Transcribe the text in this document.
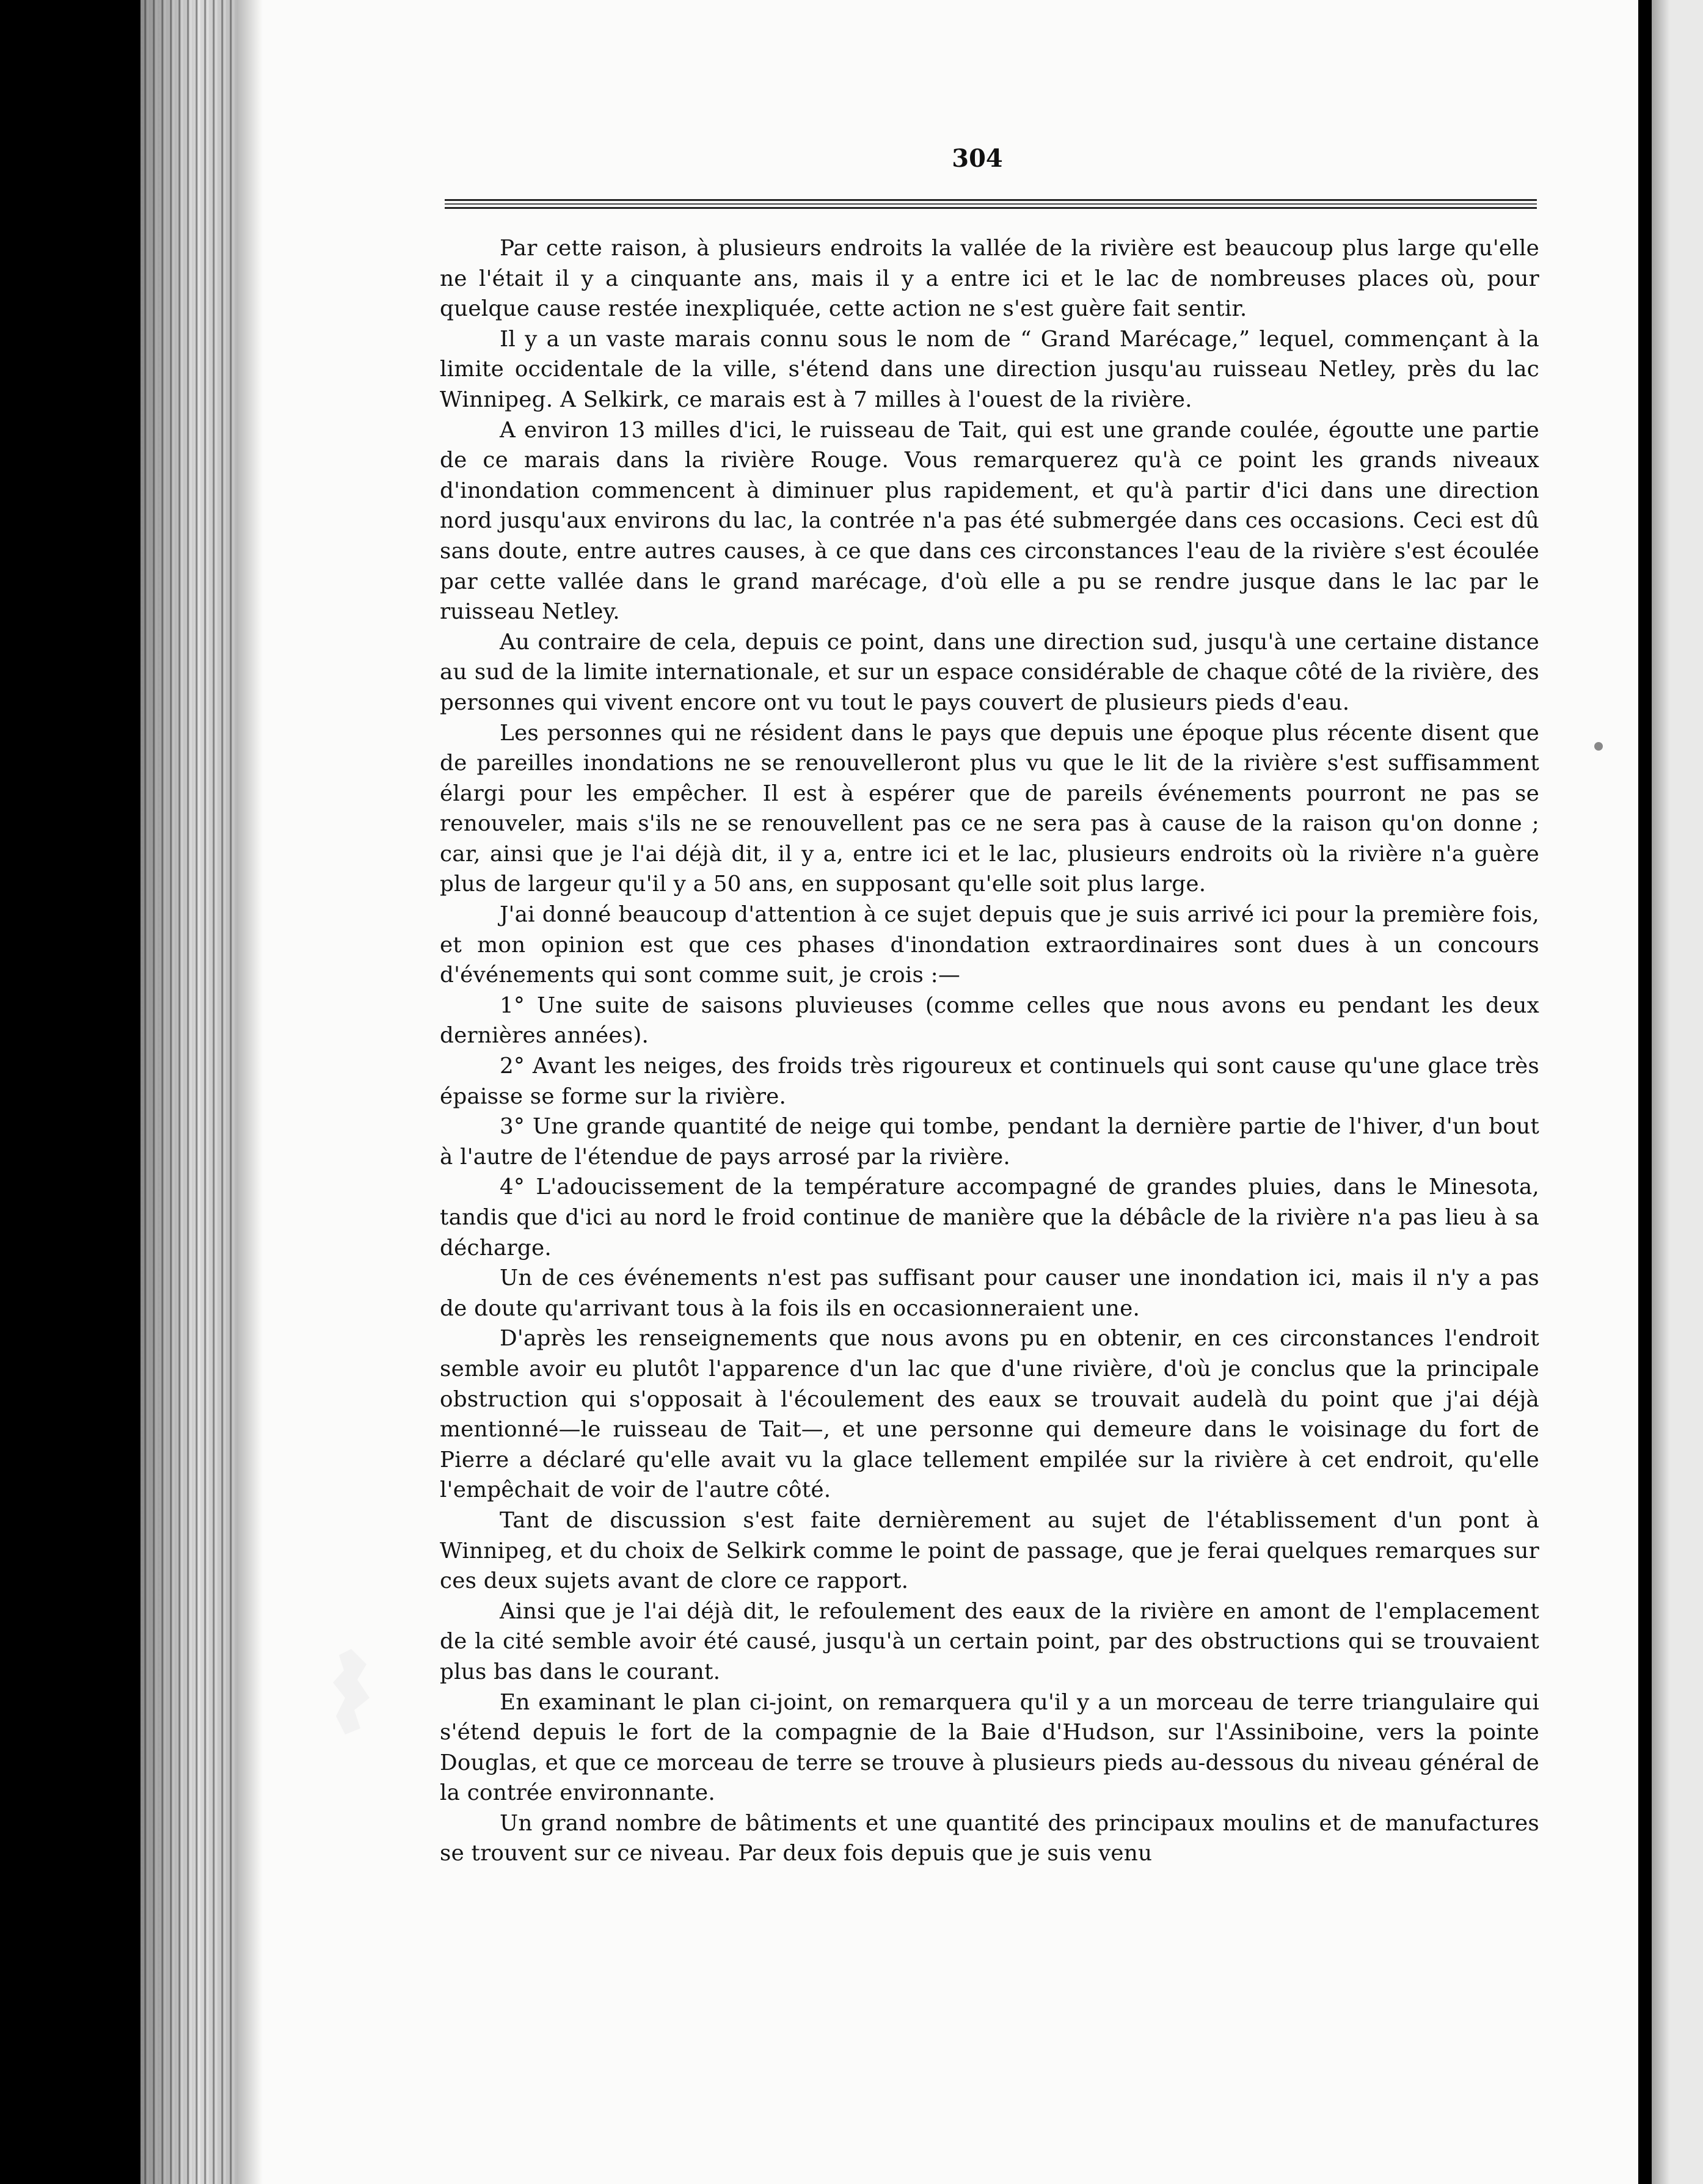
304

Par cette raison, à plusieurs endroits la vallée de la rivière est beaucoup plus large qu'elle ne l'était il y a cinquante ans, mais il y a entre ici et le lac de nombreuses places où, pour quelque cause restée inexpliquée, cette action ne s'est guère fait sentir.

Il y a un vaste marais connu sous le nom de “ Grand Marécage,” lequel, commençant à la limite occidentale de la ville, s'étend dans une direction jusqu'au ruisseau Netley, près du lac Winnipeg. A Selkirk, ce marais est à 7 milles à l'ouest de la rivière.

A environ 13 milles d'ici, le ruisseau de Tait, qui est une grande coulée, égoutte une partie de ce marais dans la rivière Rouge. Vous remarquerez qu'à ce point les grands niveaux d'inondation commencent à diminuer plus rapidement, et qu'à partir d'ici dans une direction nord jusqu'aux environs du lac, la contrée n'a pas été submergée dans ces occasions. Ceci est dû sans doute, entre autres causes, à ce que dans ces circonstances l'eau de la rivière s'est écoulée par cette vallée dans le grand marécage, d'où elle a pu se rendre jusque dans le lac par le ruisseau Netley.

Au contraire de cela, depuis ce point, dans une direction sud, jusqu'à une certaine distance au sud de la limite internationale, et sur un espace considérable de chaque côté de la rivière, des personnes qui vivent encore ont vu tout le pays couvert de plusieurs pieds d'eau.

Les personnes qui ne résident dans le pays que depuis une époque plus récente disent que de pareilles inondations ne se renouvelleront plus vu que le lit de la rivière s'est suffisamment élargi pour les empêcher. Il est à espérer que de pareils événements pourront ne pas se renouveler, mais s'ils ne se renouvellent pas ce ne sera pas à cause de la raison qu'on donne ; car, ainsi que je l'ai déjà dit, il y a, entre ici et le lac, plusieurs endroits où la rivière n'a guère plus de largeur qu'il y a 50 ans, en supposant qu'elle soit plus large.

J'ai donné beaucoup d'attention à ce sujet depuis que je suis arrivé ici pour la première fois, et mon opinion est que ces phases d'inondation extraordinaires sont dues à un concours d'événements qui sont comme suit, je crois :—

1° Une suite de saisons pluvieuses (comme celles que nous avons eu pendant les deux dernières années).

2° Avant les neiges, des froids très rigoureux et continuels qui sont cause qu'une glace très épaisse se forme sur la rivière.

3° Une grande quantité de neige qui tombe, pendant la dernière partie de l'hiver, d'un bout à l'autre de l'étendue de pays arrosé par la rivière.

4° L'adoucissement de la température accompagné de grandes pluies, dans le Minesota, tandis que d'ici au nord le froid continue de manière que la débâcle de la rivière n'a pas lieu à sa décharge.

Un de ces événements n'est pas suffisant pour causer une inondation ici, mais il n'y a pas de doute qu'arrivant tous à la fois ils en occasionneraient une.

D'après les renseignements que nous avons pu en obtenir, en ces circonstances l'endroit semble avoir eu plutôt l'apparence d'un lac que d'une rivière, d'où je conclus que la principale obstruction qui s'opposait à l'écoulement des eaux se trouvait audelà du point que j'ai déjà mentionné—le ruisseau de Tait—, et une personne qui demeure dans le voisinage du fort de Pierre a déclaré qu'elle avait vu la glace tellement empilée sur la rivière à cet endroit, qu'elle l'empêchait de voir de l'autre côté.

Tant de discussion s'est faite dernièrement au sujet de l'établissement d'un pont à Winnipeg, et du choix de Selkirk comme le point de passage, que je ferai quelques remarques sur ces deux sujets avant de clore ce rapport.

Ainsi que je l'ai déjà dit, le refoulement des eaux de la rivière en amont de l'emplacement de la cité semble avoir été causé, jusqu'à un certain point, par des obstructions qui se trouvaient plus bas dans le courant.

En examinant le plan ci-joint, on remarquera qu'il y a un morceau de terre triangulaire qui s'étend depuis le fort de la compagnie de la Baie d'Hudson, sur l'Assiniboine, vers la pointe Douglas, et que ce morceau de terre se trouve à plusieurs pieds au-dessous du niveau général de la contrée environnante.

Un grand nombre de bâtiments et une quantité des principaux moulins et de manufactures se trouvent sur ce niveau. Par deux fois depuis que je suis venu
